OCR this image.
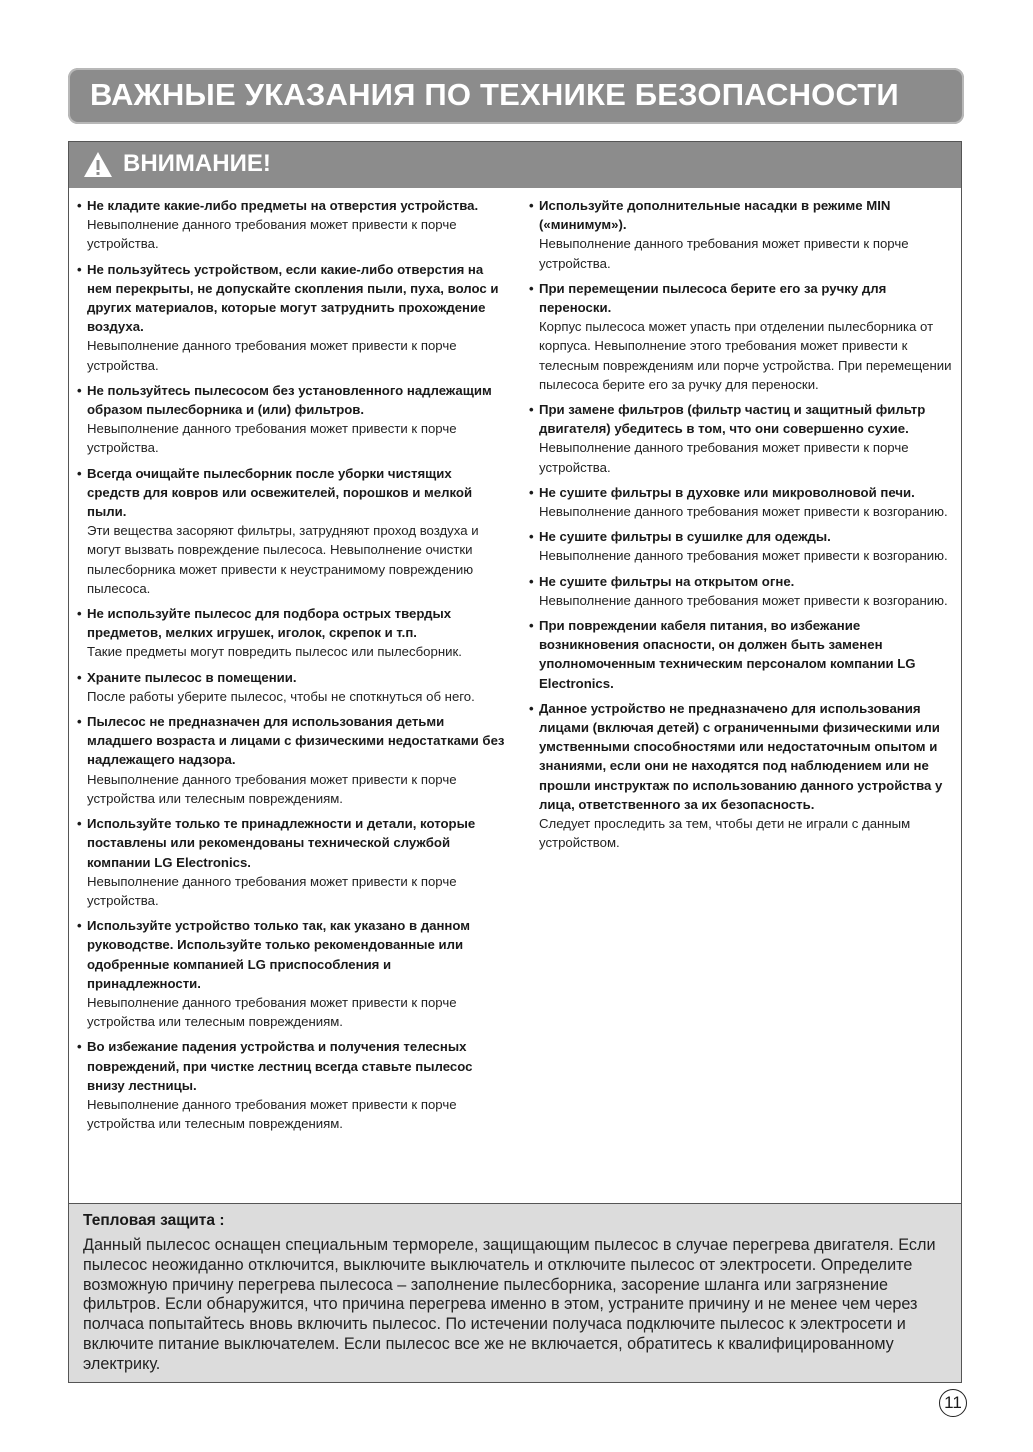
ВАЖНЫЕ УКАЗАНИЯ ПО ТЕХНИКЕ БЕЗОПАСНОСТИ
ВНИМАНИЕ!
• Не кладите какие-либо предметы на отверстия устройства.
Невыполнение данного требования может привести к порче устройства.
• Не пользуйтесь устройством, если какие-либо отверстия на нем перекрыты, не допускайте скопления пыли, пуха, волос и других материалов, которые могут затруднить прохождение воздуха.
Невыполнение данного требования может привести к порче устройства.
• Не пользуйтесь пылесосом без установленного надлежащим образом пылесборника и (или) фильтров.
Невыполнение данного требования может привести к порче устройства.
• Всегда очищайте пылесборник после уборки чистящих средств для ковров или освежителей, порошков и мелкой пыли.
Эти вещества засоряют фильтры, затрудняют проход воздуха и могут вызвать повреждение пылесоса. Невыполнение очистки пылесборника может привести к неустранимому повреждению пылесоса.
• Не используйте пылесос для подбора острых твердых предметов, мелких игрушек, иголок, скрепок и т.п.
Такие предметы могут повредить пылесос или пылесборник.
• Храните пылесос в помещении.
После работы уберите пылесос, чтобы не споткнуться об него.
• Пылесос не предназначен для использования детьми младшего возраста и лицами с физическими недостатками без надлежащего надзора.
Невыполнение данного требования может привести к порче устройства или телесным повреждениям.
• Используйте только те принадлежности и детали, которые поставлены или рекомендованы технической службой компании LG Electronics.
Невыполнение данного требования может привести к порче устройства.
• Используйте устройство только так, как указано в данном руководстве. Используйте только рекомендованные или одобренные компанией LG приспособления и принадлежности.
Невыполнение данного требования может привести к порче устройства или телесным повреждениям.
• Во избежание падения устройства и получения телесных повреждений, при чистке лестниц всегда ставьте пылесос внизу лестницы.
Невыполнение данного требования может привести к порче устройства или телесным повреждениям.
• Используйте дополнительные насадки в режиме MIN («минимум»).
Невыполнение данного требования может привести к порче устройства.
• При перемещении пылесоса берите его за ручку для переноски.
Корпус пылесоса может упасть при отделении пылесборника от корпуса. Невыполнение этого требования может привести к телесным повреждениям или порче устройства. При перемещении пылесоса берите его за ручку для переноски.
• При замене фильтров (фильтр частиц и защитный фильтр двигателя) убедитесь в том, что они совершенно сухие.
Невыполнение данного требования может привести к порче устройства.
• Не сушите фильтры в духовке или микроволновой печи.
Невыполнение данного требования может привести к возгоранию.
• Не сушите фильтры в сушилке для одежды.
Невыполнение данного требования может привести к возгоранию.
• Не сушите фильтры на открытом огне.
Невыполнение данного требования может привести к возгоранию.
• При повреждении кабеля питания, во избежание возникновения опасности, он должен быть заменен уполномоченным техническим персоналом компании LG Electronics.
• Данное устройство не предназначено для использования лицами (включая детей) с ограниченными физическими или умственными способностями или недостаточным опытом и знаниями, если они не находятся под наблюдением или не прошли инструктаж по использованию данного устройства у лица, ответственного за их безопасность.
Следует проследить за тем, чтобы дети не играли с данным устройством.
Тепловая защита :
Данный пылесос оснащен специальным термореле, защищающим пылесос в случае перегрева двигателя. Если пылесос неожиданно отключится, выключите выключатель и отключите пылесос от электросети. Определите возможную причину перегрева пылесоса – заполнение пылесборника, засорение шланга или загрязнение фильтров. Если обнаружится, что причина перегрева именно в этом, устраните причину и не менее чем через полчаса попытайтесь вновь включить пылесос. По истечении получаса подключите пылесос к электросети и включите питание выключателем. Если пылесос все же не включается, обратитесь к квалифицированному электрику.
11
